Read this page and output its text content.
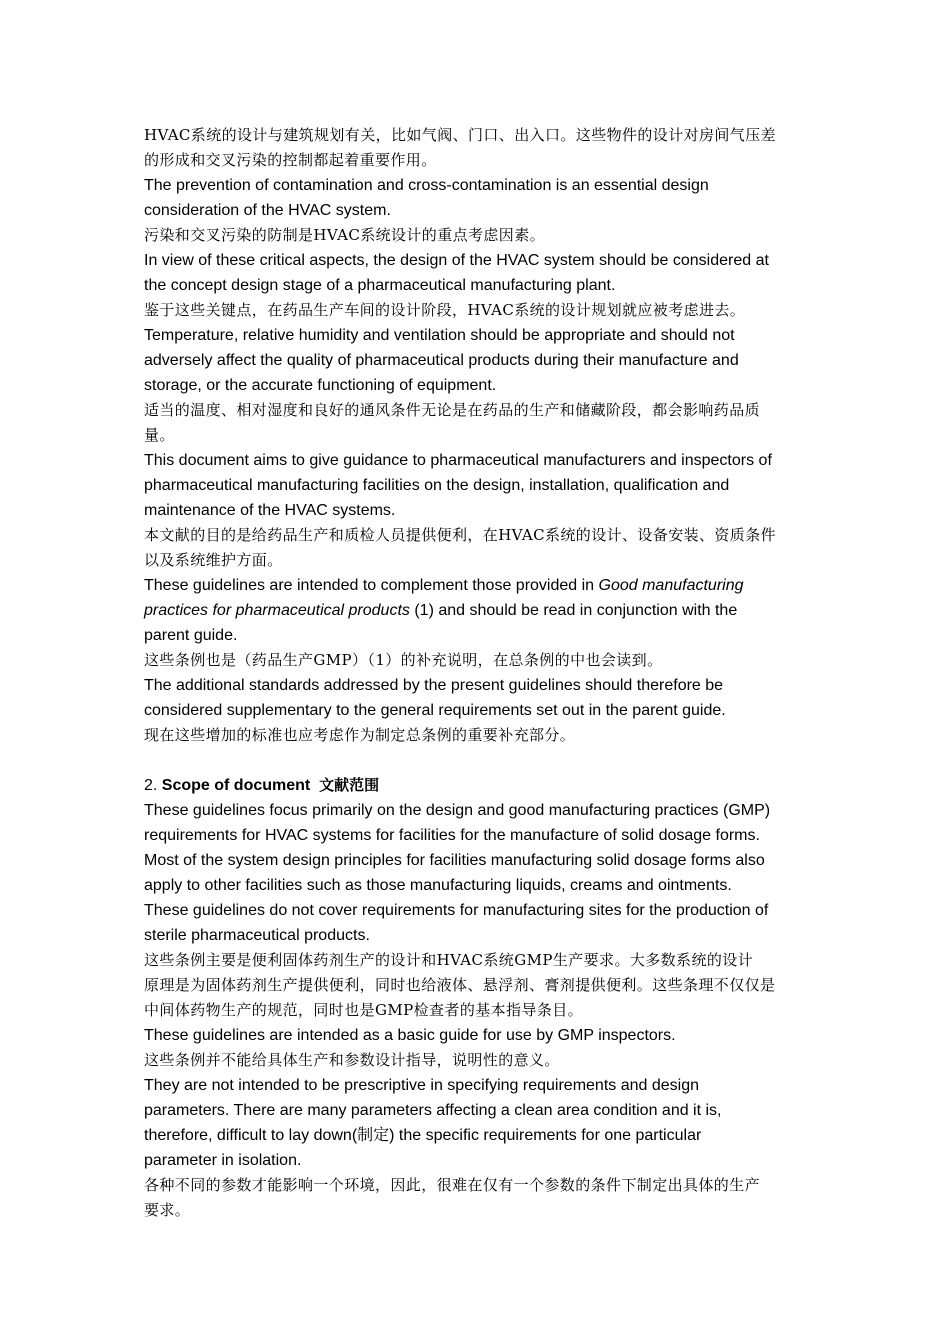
HVAC系统的设计与建筑规划有关，比如气阀、门口、出入口。这些物件的设计对房间气压差
的形成和交叉污染的控制都起着重要作用。
The prevention of contamination and cross-contamination is an essential design
consideration of the HVAC system.
污染和交叉污染的防制是HVAC系统设计的重点考虑因素。
In view of these critical aspects, the design of the HVAC system should be considered at
the concept design stage of a pharmaceutical manufacturing plant.
鉴于这些关键点，在药品生产车间的设计阶段，HVAC系统的设计规划就应被考虑进去。
Temperature, relative humidity and ventilation should be appropriate and should not
adversely affect the quality of pharmaceutical products during their manufacture and
storage, or the accurate functioning of equipment.
适当的温度、相对湿度和良好的通风条件无论是在药品的生产和储藏阶段，都会影响药品质
量。
This document aims to give guidance to pharmaceutical manufacturers and inspectors of
pharmaceutical manufacturing facilities on the design, installation, qualification and
maintenance of the HVAC systems.
本文献的目的是给药品生产和质检人员提供便利，在HVAC系统的设计、设备安装、资质条件
以及系统维护方面。
These guidelines are intended to complement those provided in Good manufacturing
practices for pharmaceutical products (1) and should be read in conjunction with the
parent guide.
这些条例也是（药品生产GMP）（1）的补充说明，在总条例的中也会读到。
The additional standards addressed by the present guidelines should therefore be
considered supplementary to the general requirements set out in the parent guide.
现在这些增加的标准也应考虑作为制定总条例的重要补充部分。
2. Scope of document 文献范围
These guidelines focus primarily on the design and good manufacturing practices (GMP)
requirements for HVAC systems for facilities for the manufacture of solid dosage forms.
Most of the system design principles for facilities manufacturing solid dosage forms also
apply to other facilities such as those manufacturing liquids, creams and ointments.
These guidelines do not cover requirements for manufacturing sites for the production of
sterile pharmaceutical products.
这些条例主要是便利固体药剂生产的设计和HVAC系统GMP生产要求。大多数系统的设计
原理是为固体药剂生产提供便利，同时也给液体、悬浮剂、膏剂提供便利。这些条理不仅仅是
中间体药物生产的规范，同时也是GMP检查者的基本指导条目。
These guidelines are intended as a basic guide for use by GMP inspectors.
这些条例并不能给具体生产和参数设计指导，说明性的意义。
They are not intended to be prescriptive in specifying requirements and design
parameters. There are many parameters affecting a clean area condition and it is,
therefore, difficult to lay down(制定) the specific requirements for one particular
parameter in isolation.
各种不同的参数才能影响一个环境，因此，很难在仅有一个参数的条件下制定出具体的生产
要求。
